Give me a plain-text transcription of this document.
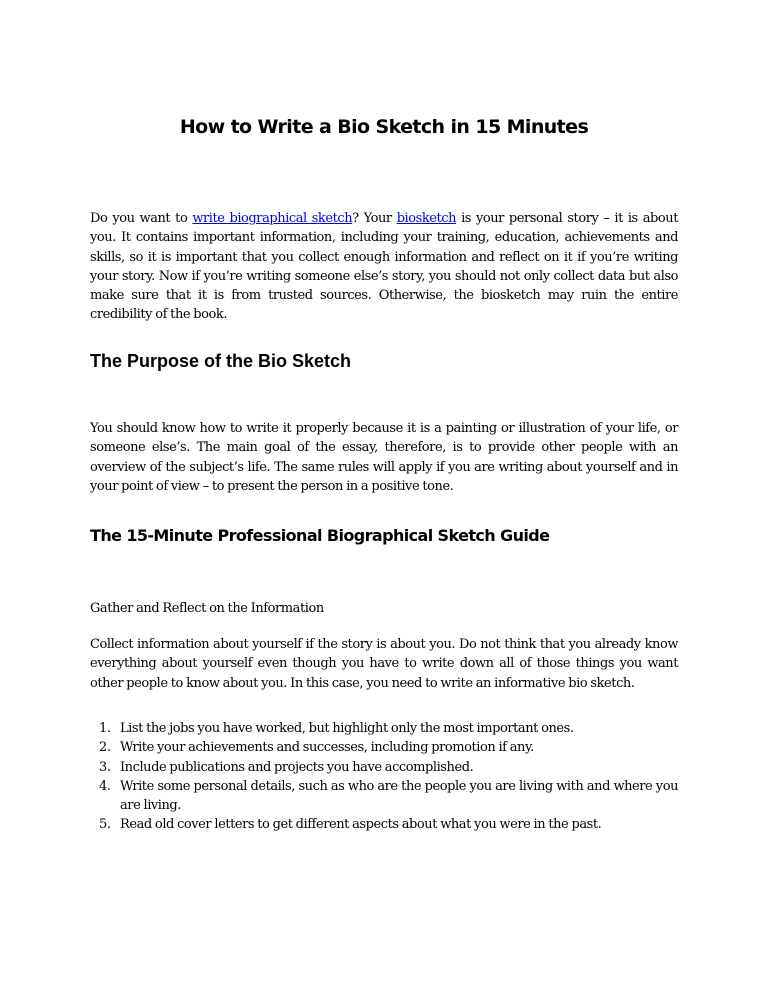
How to Write a Bio Sketch in 15 Minutes

Do you want to write biographical sketch? Your biosketch is your personal story – it is about you. It contains important information, including your training, education, achievements and skills, so it is important that you collect enough information and reflect on it if you’re writing your story. Now if you’re writing someone else’s story, you should not only collect data but also make sure that it is from trusted sources. Otherwise, the biosketch may ruin the entire credibility of the book.

The Purpose of the Bio Sketch

You should know how to write it properly because it is a painting or illustration of your life, or someone else’s. The main goal of the essay, therefore, is to provide other people with an overview of the subject’s life. The same rules will apply if you are writing about yourself and in your point of view – to present the person in a positive tone.

The 15-Minute Professional Biographical Sketch Guide

Gather and Reflect on the Information

Collect information about yourself if the story is about you. Do not think that you already know everything about yourself even though you have to write down all of those things you want other people to know about you. In this case, you need to write an informative bio sketch.

1. List the jobs you have worked, but highlight only the most important ones.
2. Write your achievements and successes, including promotion if any.
3. Include publications and projects you have accomplished.
4. Write some personal details, such as who are the people you are living with and where you are living.
5. Read old cover letters to get different aspects about what you were in the past.
